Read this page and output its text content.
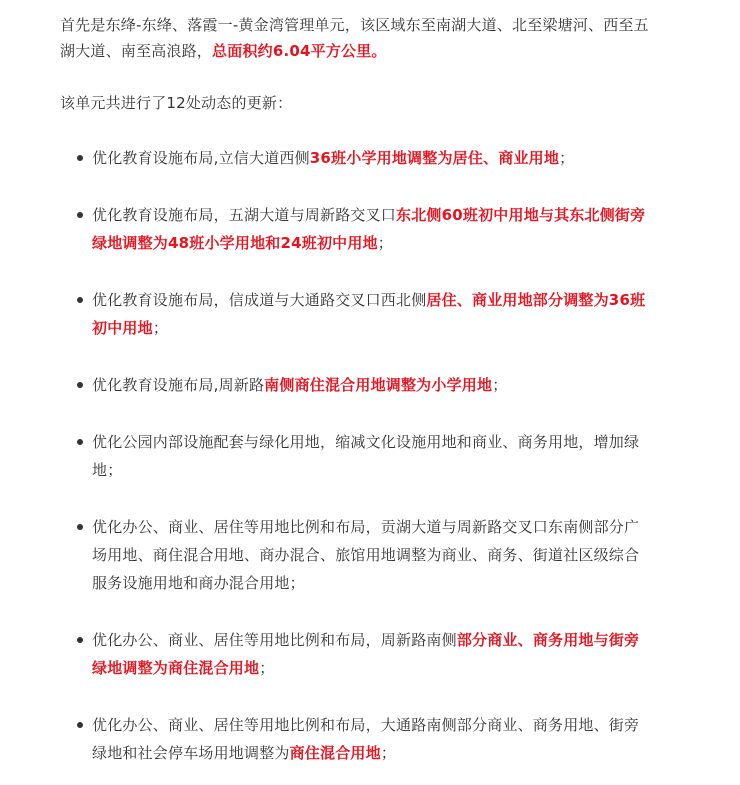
首先是东绛-东绛、落霞一-黄金湾管理单元，该区域东至南湖大道、北至梁塘河、西至五湖大道、南至高浪路，总面积约6.04平方公里。

该单元共进行了12处动态的更新：

优化教育设施布局,立信大道西侧36班小学用地调整为居住、商业用地；
优化教育设施布局，五湖大道与周新路交叉口东北侧60班初中用地与其东北侧街旁绿地调整为48班小学用地和24班初中用地；
优化教育设施布局，信成道与大通路交叉口西北侧居住、商业用地部分调整为36班初中用地；
优化教育设施布局,周新路南侧商住混合用地调整为小学用地；
优化公园内部设施配套与绿化用地，缩减文化设施用地和商业、商务用地，增加绿地；
优化办公、商业、居住等用地比例和布局，贡湖大道与周新路交叉口东南侧部分广场用地、商住混合用地、商办混合、旅馆用地调整为商业、商务、街道社区级综合服务设施用地和商办混合用地；
优化办公、商业、居住等用地比例和布局，周新路南侧部分商业、商务用地与街旁绿地调整为商住混合用地；
优化办公、商业、居住等用地比例和布局，大通路南侧部分商业、商务用地、街旁绿地和社会停车场用地调整为商住混合用地；
